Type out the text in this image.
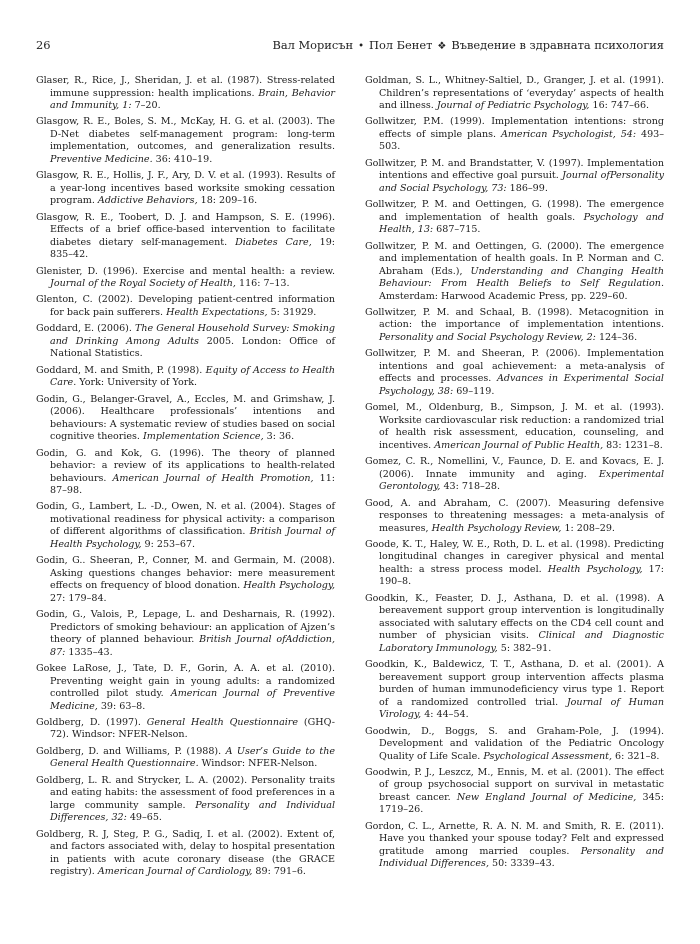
26	Вал Морисън • Пол Бенет ❖ Въведение в здравната психология

Glaser, R., Rice, J., Sheridan, J. et al. (1987). Stress-related immune suppression: health implications. Brain, Behavior and Immunity, 1: 7–20.

Glasgow, R. E., Boles, S. M., McKay, H. G. et al. (2003). The D-Net diabetes self-management program: long-term implementation, outcomes, and generalization results. Preventive Medicine. 36: 410–19.

Glasgow, R. E., Hollis, J. F., Ary, D. V. et al. (1993). Results of a year-long incentives based worksite smoking cessation program. Addictive Behaviors, 18: 209–16.

Glasgow, R. E., Toobert, D. J. and Hampson, S. E. (1996). Effects of a brief office-based intervention to facilitate diabetes dietary self-management. Diabetes Care, 19: 835–42.

Glenister, D. (1996). Exercise and mental health: a review. Journal of the Royal Society of Health, 116: 7–13.

Glenton, C. (2002). Developing patient-centred information for back pain sufferers. Health Expectations, 5: 31929.

Goddard, E. (2006). The General Household Survey: Smoking and Drinking Among Adults 2005. London: Office of National Statistics.

Goddard, M. and Smith, P. (1998). Equity of Access to Health Care. York: University of York.

Godin, G., Belanger-Gravel, A., Eccles, M. and Grimshaw, J. (2006). Healthcare professionals’ intentions and behaviours: A systematic review of studies based on social cognitive theories. Implementation Science, 3: 36.

Godin, G. and Kok, G. (1996). The theory of planned behavior: a review of its applications to health-related behaviours. American Journal of Health Promotion, 11: 87–98.

Godin, G., Lambert, L. -D., Owen, N. et al. (2004). Stages of motivational readiness for physical activity: a comparison of different algorithms of classification. British Journal of Health Psychology, 9: 253–67.

Godin, G.. Sheeran, P., Conner, M. and Germain, M. (2008). Asking questions changes behavior: mere measurement effects on frequency of blood donation. Health Psychology, 27: 179–84.

Godin, G., Valois, P., Lepage, L. and Desharnais, R. (1992). Predictors of smoking behaviour: an application of Ajzen’s theory of planned behaviour. British Journal ofAddiction, 87: 1335–43.

Gokee LaRose, J., Tate, D. F., Gorin, A. A. et al. (2010). Preventing weight gain in young adults: a randomized controlled pilot study. American Journal of Preventive Medicine, 39: 63–8.

Goldberg, D. (1997). General Health Questionnaire (GHQ-72). Windsor: NFER-Nelson.

Goldberg, D. and Williams, P. (1988). A User’s Guide to the General Health Questionnaire. Windsor: NFER-Nelson.

Goldberg, L. R. and Strycker, L. A. (2002). Personality traits and eating habits: the assessment of food preferences in a large community sample. Personality and Individual Differences, 32: 49–65.

Goldberg, R. J, Steg, P. G., Sadiq, I. et al. (2002). Extent of, and factors associated with, delay to hospital presentation in patients with acute coronary disease (the GRACE registry). American Journal of Cardiology, 89: 791–6.

Goldman, S. L., Whitney-Saltiel, D., Granger, J. et al. (1991). Children’s representations of ‘everyday’ aspects of health and illness. Journal of Pediatric Psychology, 16: 747–66.

Gollwitzer, P.M. (1999). Implementation intentions: strong effects of simple plans. American Psychologist, 54: 493–503.

Gollwitzer, P. M. and Brandstatter, V. (1997). Implementation intentions and effective goal pursuit. Journal ofPersonality and Social Psychology, 73: 186–99.

Gollwitzer, P. M. and Oettingen, G. (1998). The emergence and implementation of health goals. Psychology and Health, 13: 687–715.

Gollwitzer, P. M. and Oettingen, G. (2000). The emergence and implementation of health goals. In P. Norman and C. Abraham (Eds.), Understanding and Changing Health Behaviour: From Health Beliefs to Self Regulation. Amsterdam: Harwood Academic Press, pp. 229–60.

Gollwitzer, P. M. and Schaal, B. (1998). Metacognition in action: the importance of implementation intentions. Personality and Social Psychology Review, 2: 124–36.

Gollwitzer, P. M. and Sheeran, P. (2006). Implementation intentions and goal achievement: a meta-analysis of effects and processes. Advances in Experimental Social Psychology, 38: 69–119.

Gomel, M., Oldenburg, B., Simpson, J. M. et al. (1993). Worksite cardiovascular risk reduction: a randomized trial of health risk assessment, education, counseling, and incentives. American Journal of Public Health, 83: 1231–8.

Gomez, C. R., Nomellini, V., Faunce, D. E. and Kovacs, E. J. (2006). Innate immunity and aging. Experimental Gerontology, 43: 718–28.

Good, A. and Abraham, C. (2007). Measuring defensive responses to threatening messages: a meta-analysis of measures, Health Psychology Review, 1: 208–29.

Goode, K. T., Haley, W. E., Roth, D. L. et al. (1998). Predicting longitudinal changes in caregiver physical and mental health: a stress process model. Health Psychology, 17: 190–8.

Goodkin, K., Feaster, D. J., Asthana, D. et al. (1998). A bereavement support group intervention is longitudinally associated with salutary effects on the CD4 cell count and number of physician visits. Clinical and Diagnostic Laboratory Immunology, 5: 382–91.

Goodkin, K., Baldewicz, T. T., Asthana, D. et al. (2001). A bereavement support group intervention affects plasma burden of human immunodeficiency virus type 1. Report of a randomized controlled trial. Journal of Human Virology, 4: 44–54.

Goodwin, D., Boggs, S. and Graham-Pole, J. (1994). Development and validation of the Pediatric Oncology Quality of Life Scale. Psychological Assessment, 6: 321–8.

Goodwin, P. J., Leszcz, M., Ennis, M. et al. (2001). The effect of group psychosocial support on survival in metastatic breast cancer. New England Journal of Medicine, 345: 1719–26.

Gordon, C. L., Arnette, R. A. N. M. and Smith, R. E. (2011). Have you thanked your spouse today? Felt and expressed gratitude among married couples. Personality and Individual Differences, 50: 3339–43.
